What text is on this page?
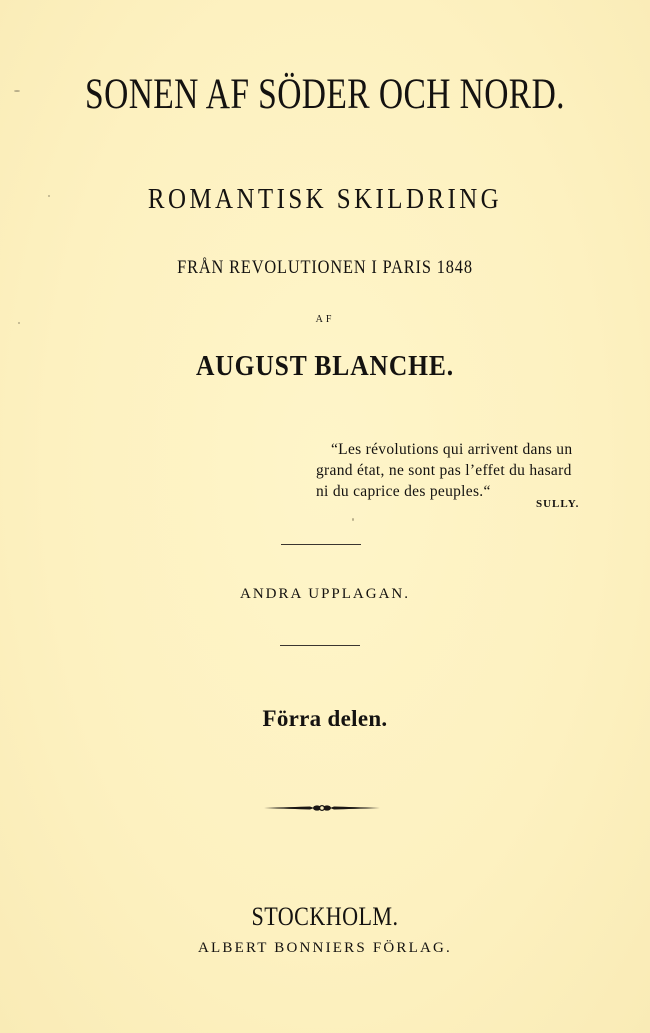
SONEN AF SÖDER OCH NORD.
ROMANTISK SKILDRING
FRÅN REVOLUTIONEN I PARIS 1848
AF
AUGUST BLANCHE.
“Les révolutions qui arrivent dans un
grand état, ne sont pas l’effet du hasard
ni du caprice des peuples.“
SULLY.
ANDRA UPPLAGAN.
Förra delen.
STOCKHOLM.
ALBERT BONNIERS FÖRLAG.
